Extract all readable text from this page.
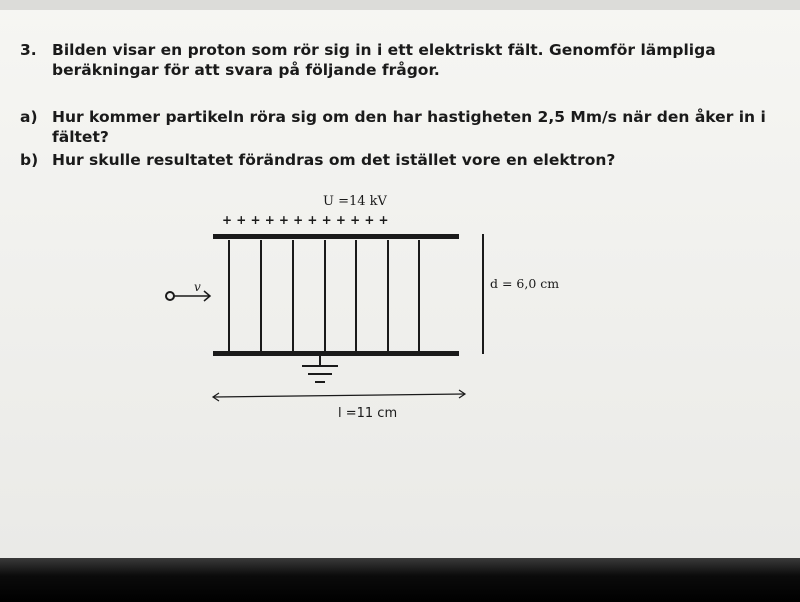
3. Bilden visar en proton som rör sig in i ett elektriskt fält. Genomför lämpliga beräkningar för att svara på följande frågor.
a) Hur kommer partikeln röra sig om den har hastigheten 2,5 Mm/s när den åker in i fältet?
b) Hur skulle resultatet förändras om det istället vore en elektron?
U =14 kV
+ + + + + + + + + + + +
v	d = 6,0 cm
l =11 cm
